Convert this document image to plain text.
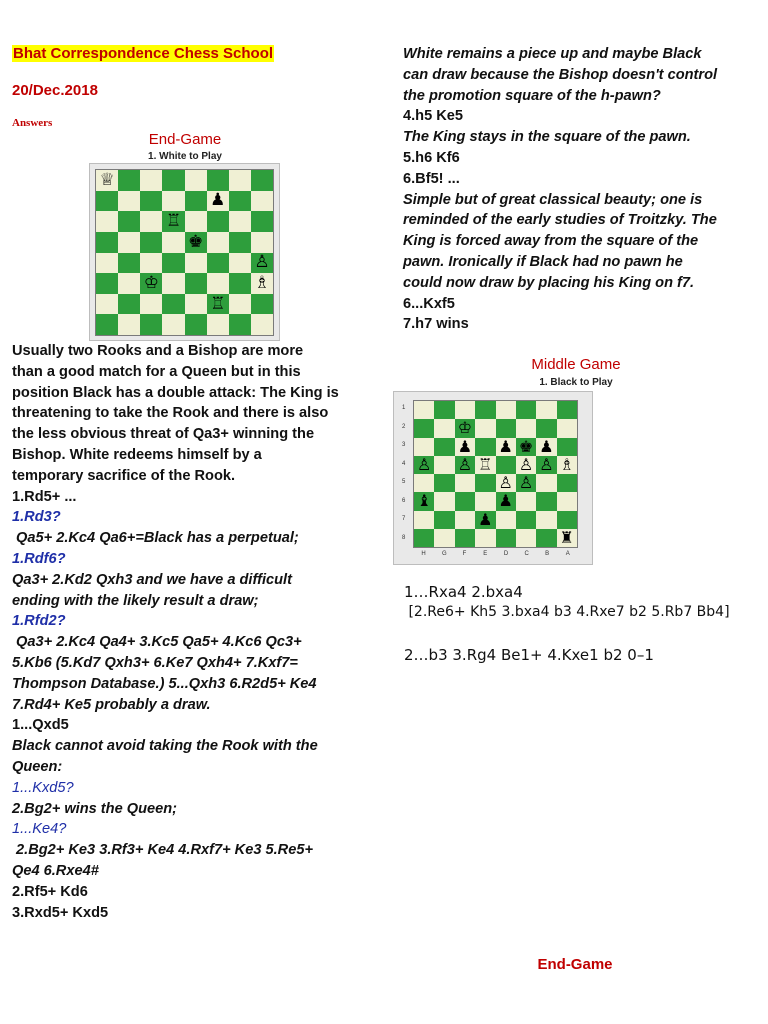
Bhat Correspondence Chess School
20/Dec.2018
Answers
End-Game
1. White to Play
♕
♟
♖
♚
♙
♔	♗
♖
Usually two Rooks and a Bishop are more
than a good match for a Queen but in this
position Black has a double attack: The King is
threatening to take the Rook and there is also
the less obvious threat of Qa3+ winning the
Bishop. White redeems himself by a
temporary sacrifice of the Rook.
1.Rd5+ ...
1.Rd3?
Qa5+ 2.Kc4 Qa6+=Black has a perpetual;
1.Rdf6?
Qa3+ 2.Kd2 Qxh3 and we have a difficult
ending with the likely result a draw;
1.Rfd2?
Qa3+ 2.Kc4 Qa4+ 3.Kc5 Qa5+ 4.Kc6 Qc3+
5.Kb6 (5.Kd7 Qxh3+ 6.Ke7 Qxh4+ 7.Kxf7=
Thompson Database.) 5...Qxh3 6.R2d5+ Ke4
7.Rd4+ Ke5 probably a draw.
1...Qxd5
Black cannot avoid taking the Rook with the
Queen:
1...Kxd5?
2.Bg2+ wins the Queen;
1...Ke4?
2.Bg2+ Ke3 3.Rf3+ Ke4 4.Rxf7+ Ke3 5.Re5+
Qe4 6.Rxe4#
2.Rf5+ Kd6
3.Rxd5+ Kxd5
White remains a piece up and maybe Black
can draw because the Bishop doesn't control
the promotion square of the h-pawn?
4.h5 Ke5
The King stays in the square of the pawn.
5.h6 Kf6
6.Bf5! ...
Simple but of great classical beauty; one is
reminded of the early studies of Troitzky. The
King is forced away from the square of the
pawn. Ironically if Black had no pawn he
could now draw by placing his King on f7.
6...Kxf5
7.h7 wins
Middle Game
1. Black to Play
♔
♟ ♟ ♚ ♟
♙ ♙ ♖ ♙ ♙ ♗
♙ ♙
♝	♟
♟
♜
1
2
3
4
5
6
7
8
H	G	F	E	D	C	B	A
1…Rxa4 2.bxa4
[2.Re6+ Kh5 3.bxa4 b3 4.Rxe7 b2 5.Rb7 Bb4]
2…b3 3.Rg4 Be1+ 4.Kxe1 b2 0–1
End-Game
